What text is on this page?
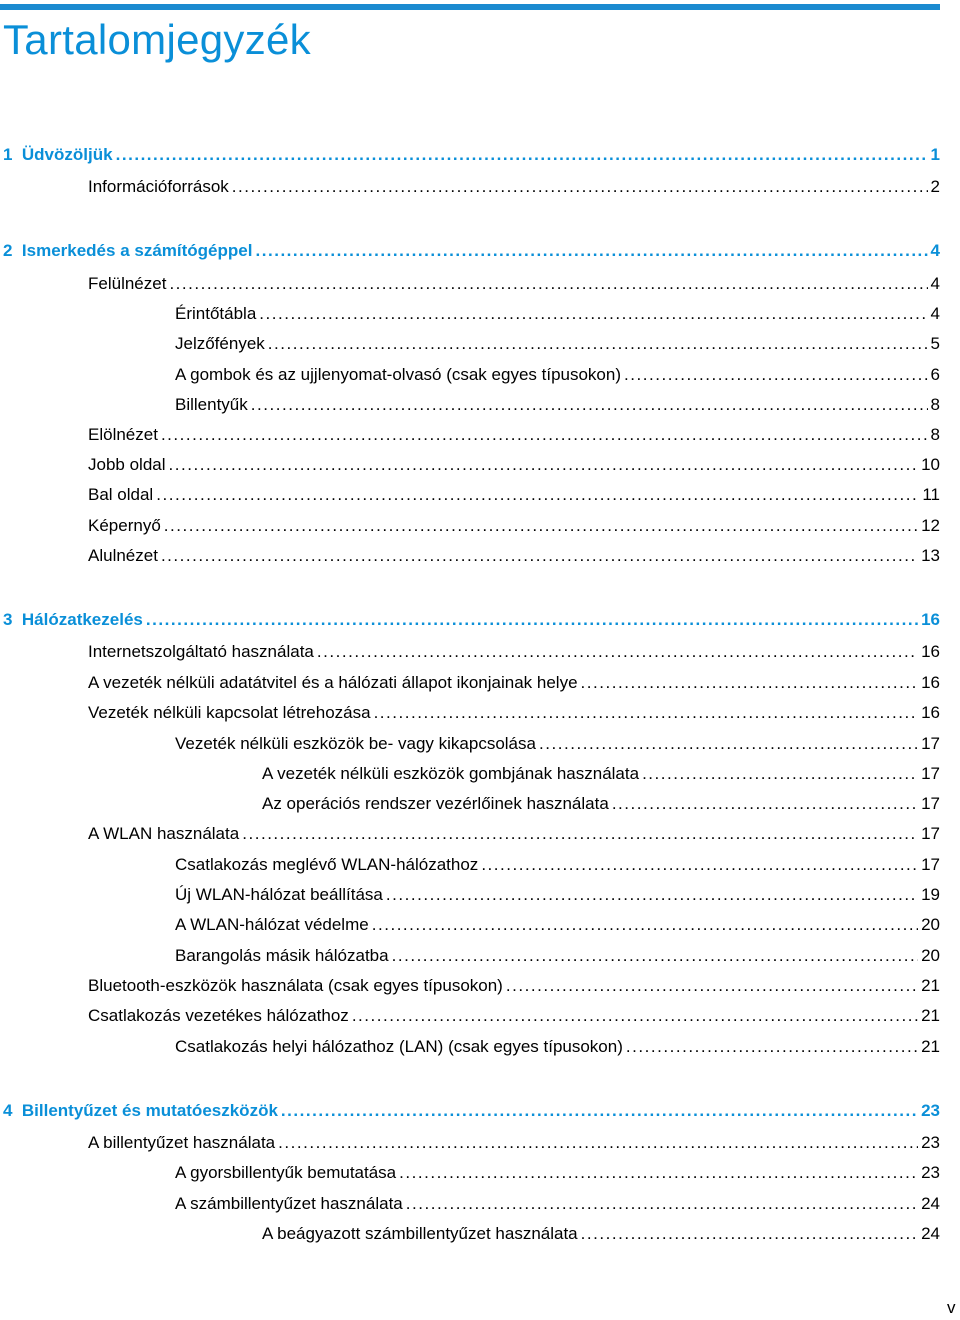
Tartalomjegyzék
1  Üdvözöljük . . .	1
Információforrások . . .	2
2  Ismerkedés a számítógéppel . . .	4
Felülnézet . . .	4
Érintőtábla . . .	4
Jelzőfények . . .	5
A gombok és az ujjlenyomat-olvasó (csak egyes típusokon) . . .	6
Billentyűk . . .	8
Elölnézet . . .	8
Jobb oldal . . .	10
Bal oldal . . .	11
Képernyő . . .	12
Alulnézet . . .	13
3  Hálózatkezelés . . .	16
Internetszolgáltató használata . . .	16
A vezeték nélküli adatátvitel és a hálózati állapot ikonjainak helye . . .	16
Vezeték nélküli kapcsolat létrehozása . . .	16
Vezeték nélküli eszközök be- vagy kikapcsolása . . .	17
A vezeték nélküli eszközök gombjának használata . . .	17
Az operációs rendszer vezérlőinek használata . . .	17
A WLAN használata . . .	17
Csatlakozás meglévő WLAN-hálózathoz . . .	17
Új WLAN-hálózat beállítása . . .	19
A WLAN-hálózat védelme . . .	20
Barangolás másik hálózatba . . .	20
Bluetooth-eszközök használata (csak egyes típusokon) . . .	21
Csatlakozás vezetékes hálózathoz . . .	21
Csatlakozás helyi hálózathoz (LAN) (csak egyes típusokon) . . .	21
4  Billentyűzet és mutatóeszközök . . .	23
A billentyűzet használata . . .	23
A gyorsbillentyűk bemutatása . . .	23
A számbillentyűzet használata . . .	24
A beágyazott számbillentyűzet használata . . .	24
v
